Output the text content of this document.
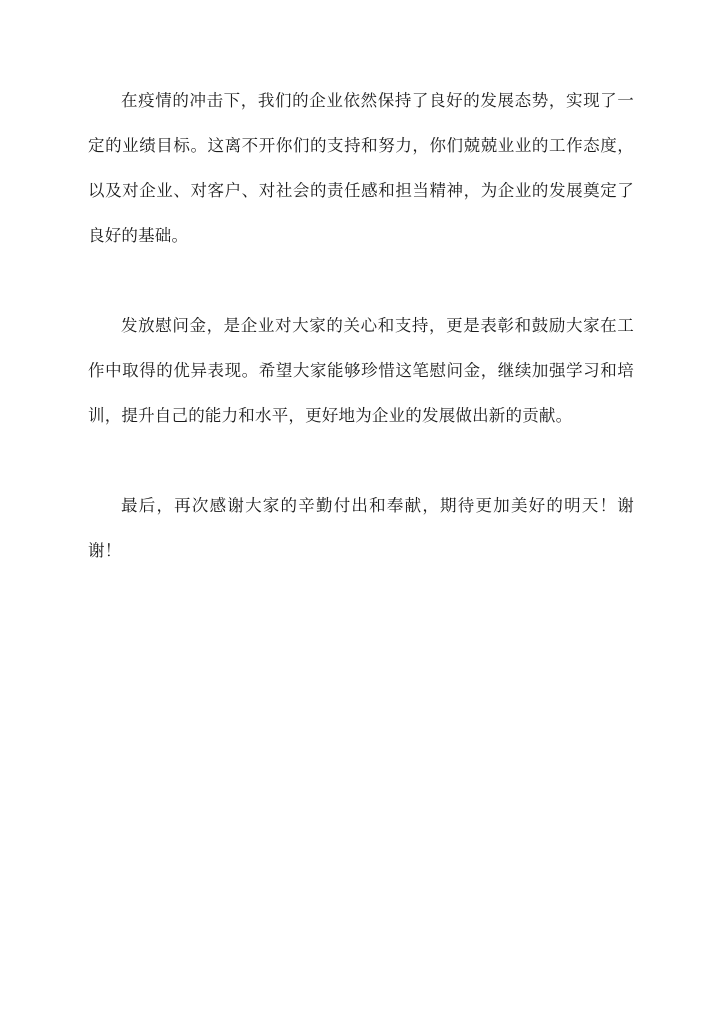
在疫情的冲击下，我们的企业依然保持了良好的发展态势，实现了一定的业绩目标。这离不开你们的支持和努力，你们兢兢业业的工作态度，以及对企业、对客户、对社会的责任感和担当精神，为企业的发展奠定了良好的基础。

发放慰问金，是企业对大家的关心和支持，更是表彰和鼓励大家在工作中取得的优异表现。希望大家能够珍惜这笔慰问金，继续加强学习和培训，提升自己的能力和水平，更好地为企业的发展做出新的贡献。

最后，再次感谢大家的辛勤付出和奉献，期待更加美好的明天！谢谢！
